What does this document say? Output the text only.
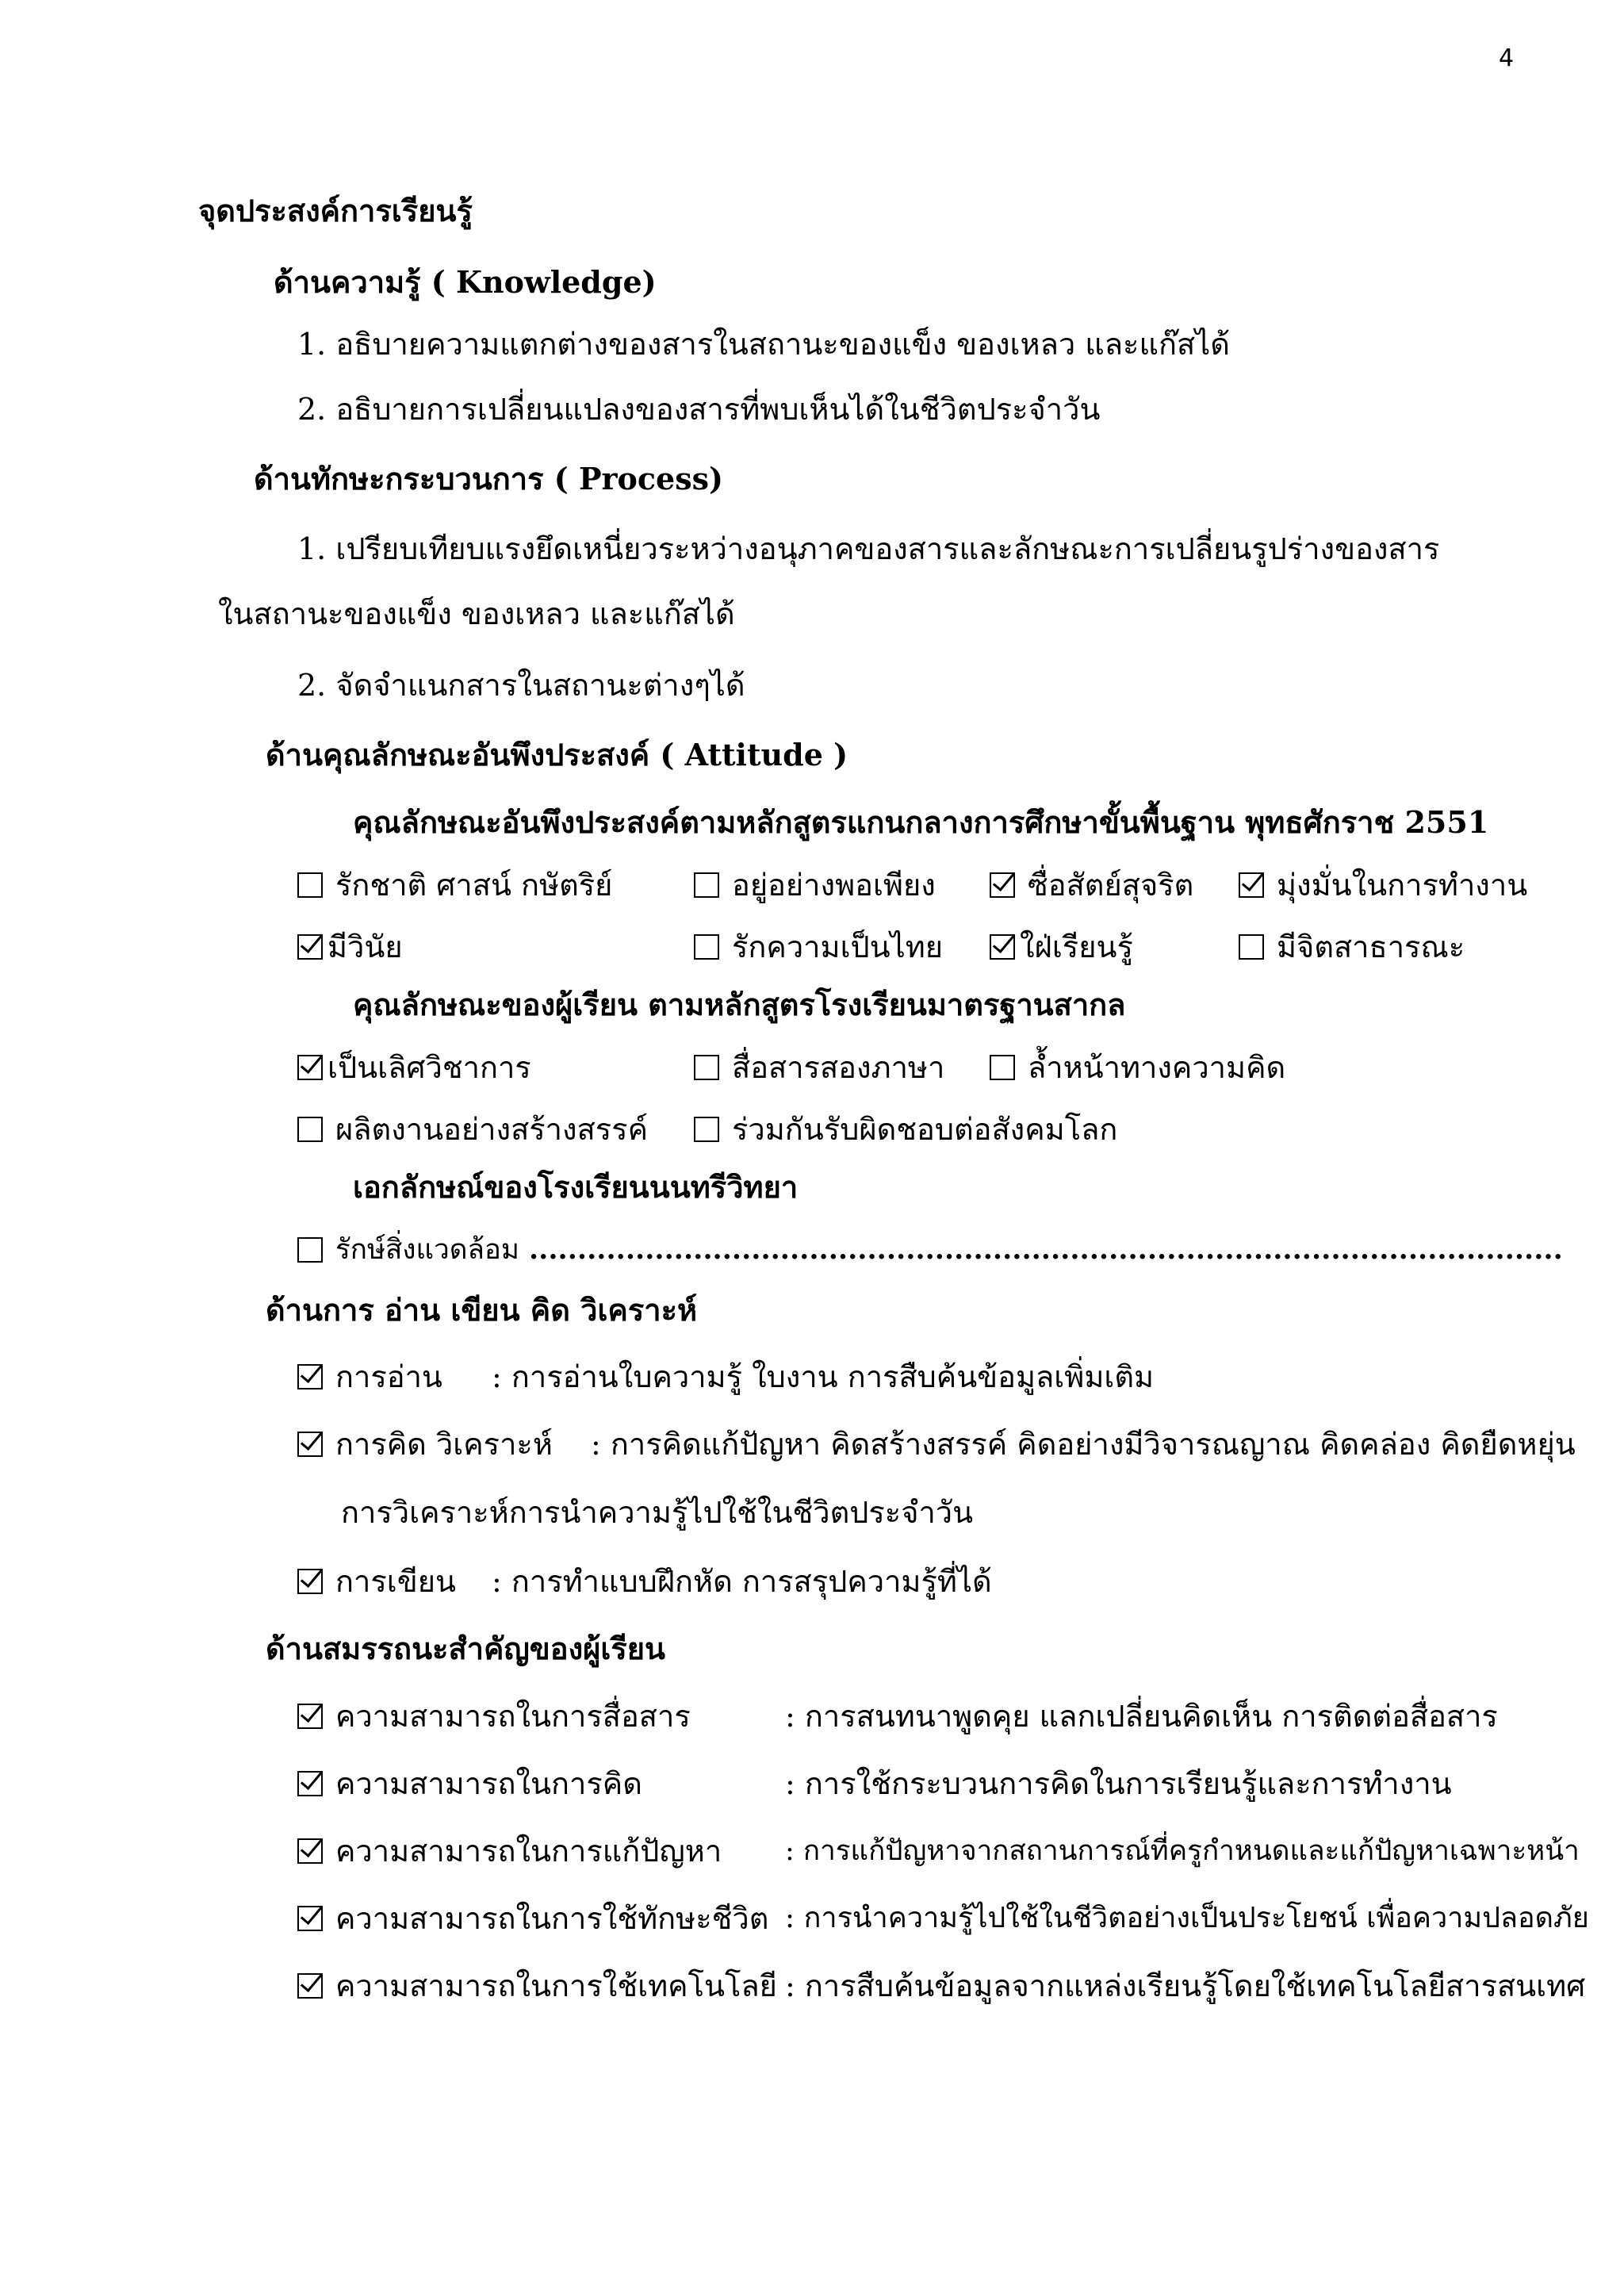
4
จุดประสงค์การเรียนรู้
ด้านความรู้ ( Knowledge)
1. อธิบายความแตกต่างของสารในสถานะของแข็ง ของเหลว และแก๊สได้
2. อธิบายการเปลี่ยนแปลงของสารที่พบเห็นได้ในชีวิตประจำวัน
ด้านทักษะกระบวนการ ( Process)
1. เปรียบเทียบแรงยึดเหนี่ยวระหว่างอนุภาคของสารและลักษณะการเปลี่ยนรูปร่างของสาร
ในสถานะของแข็ง ของเหลว และแก๊สได้
2. จัดจำแนกสารในสถานะต่างๆได้
ด้านคุณลักษณะอันพึงประสงค์ ( Attitude )
คุณลักษณะอันพึงประสงค์ตามหลักสูตรแกนกลางการศึกษาขั้นพื้นฐาน พุทธศักราช 2551
รักชาติ ศาสน์ กษัตริย์	อยู่อย่างพอเพียง	ซื่อสัตย์สุจริต	มุ่งมั่นในการทำงาน
มีวินัย	รักความเป็นไทย	ใฝ่เรียนรู้	มีจิตสาธารณะ
คุณลักษณะของผู้เรียน ตามหลักสูตรโรงเรียนมาตรฐานสากล
เป็นเลิศวิชาการ	สื่อสารสองภาษา	ล้ำหน้าทางความคิด
ผลิตงานอย่างสร้างสรรค์	ร่วมกันรับผิดชอบต่อสังคมโลก
เอกลักษณ์ของโรงเรียนนนทรีวิทยา
รักษ์สิ่งแวดล้อม ...........................................................................................................
ด้านการ อ่าน เขียน คิด วิเคราะห์
การอ่าน : การอ่านใบความรู้ ใบงาน การสืบค้นข้อมูลเพิ่มเติม
การคิด วิเคราะห์ : การคิดแก้ปัญหา คิดสร้างสรรค์ คิดอย่างมีวิจารณญาณ คิดคล่อง คิดยืดหยุ่น
การวิเคราะห์การนำความรู้ไปใช้ในชีวิตประจำวัน
การเขียน : การทำแบบฝึกหัด การสรุปความรู้ที่ได้
ด้านสมรรถนะสำคัญของผู้เรียน
ความสามารถในการสื่อสาร	: การสนทนาพูดคุย แลกเปลี่ยนคิดเห็น การติดต่อสื่อสาร
ความสามารถในการคิด	: การใช้กระบวนการคิดในการเรียนรู้และการทำงาน
ความสามารถในการแก้ปัญหา : การแก้ปัญหาจากสถานการณ์ที่ครูกำหนดและแก้ปัญหาเฉพาะหน้า
ความสามารถในการใช้ทักษะชีวิต : การนำความรู้ไปใช้ในชีวิตอย่างเป็นประโยชน์ เพื่อความปลอดภัย
ความสามารถในการใช้เทคโนโลยี : การสืบค้นข้อมูลจากแหล่งเรียนรู้โดยใช้เทคโนโลยีสารสนเทศ
